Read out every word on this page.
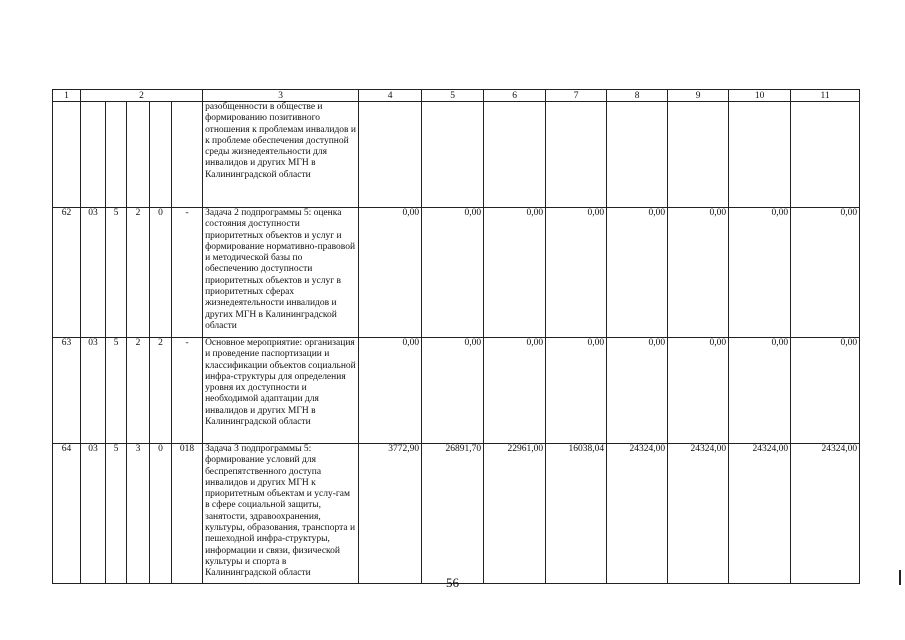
1	2					3	4	5	6	7	8	9	10	11
						разобщенности в обществе и формированию позитивного отношения к проблемам инвалидов и к проблеме обеспечения доступной среды жизнедеятельности для инвалидов и других МГН в Калининградской области								
62	03	5	2	0	-	Задача 2 подпрограммы 5: оценка состояния доступности приоритетных объектов и услуг и формирование нормативно-правовой и методической базы по обеспечению доступности приоритетных объектов и услуг в приоритетных сферах жизнедеятельности инвалидов и других МГН в Калининградской области	0,00	0,00	0,00	0,00	0,00	0,00	0,00	0,00
63	03	5	2	2	-	Основное мероприятие: организация и проведение паспортизации и классификации объектов социальной инфра-структуры для определения уровня их доступности и необходимой адаптации для инвалидов и других МГН в Калининградской области	0,00	0,00	0,00	0,00	0,00	0,00	0,00	0,00
64	03	5	3	0	018	Задача 3 подпрограммы 5: формирование условий для беспрепятственного доступа инвалидов и других МГН к приоритетным объектам и услу-гам в сфере социальной защиты, занятости, здравоохранения, культуры, образования, транспорта и пешеходной инфра-структуры, информации и связи, физической культуры и спорта в Калининградской области	3772,90	26891,70	22961,00	16038,04	24324,00	24324,00	24324,00	24324,00
56
